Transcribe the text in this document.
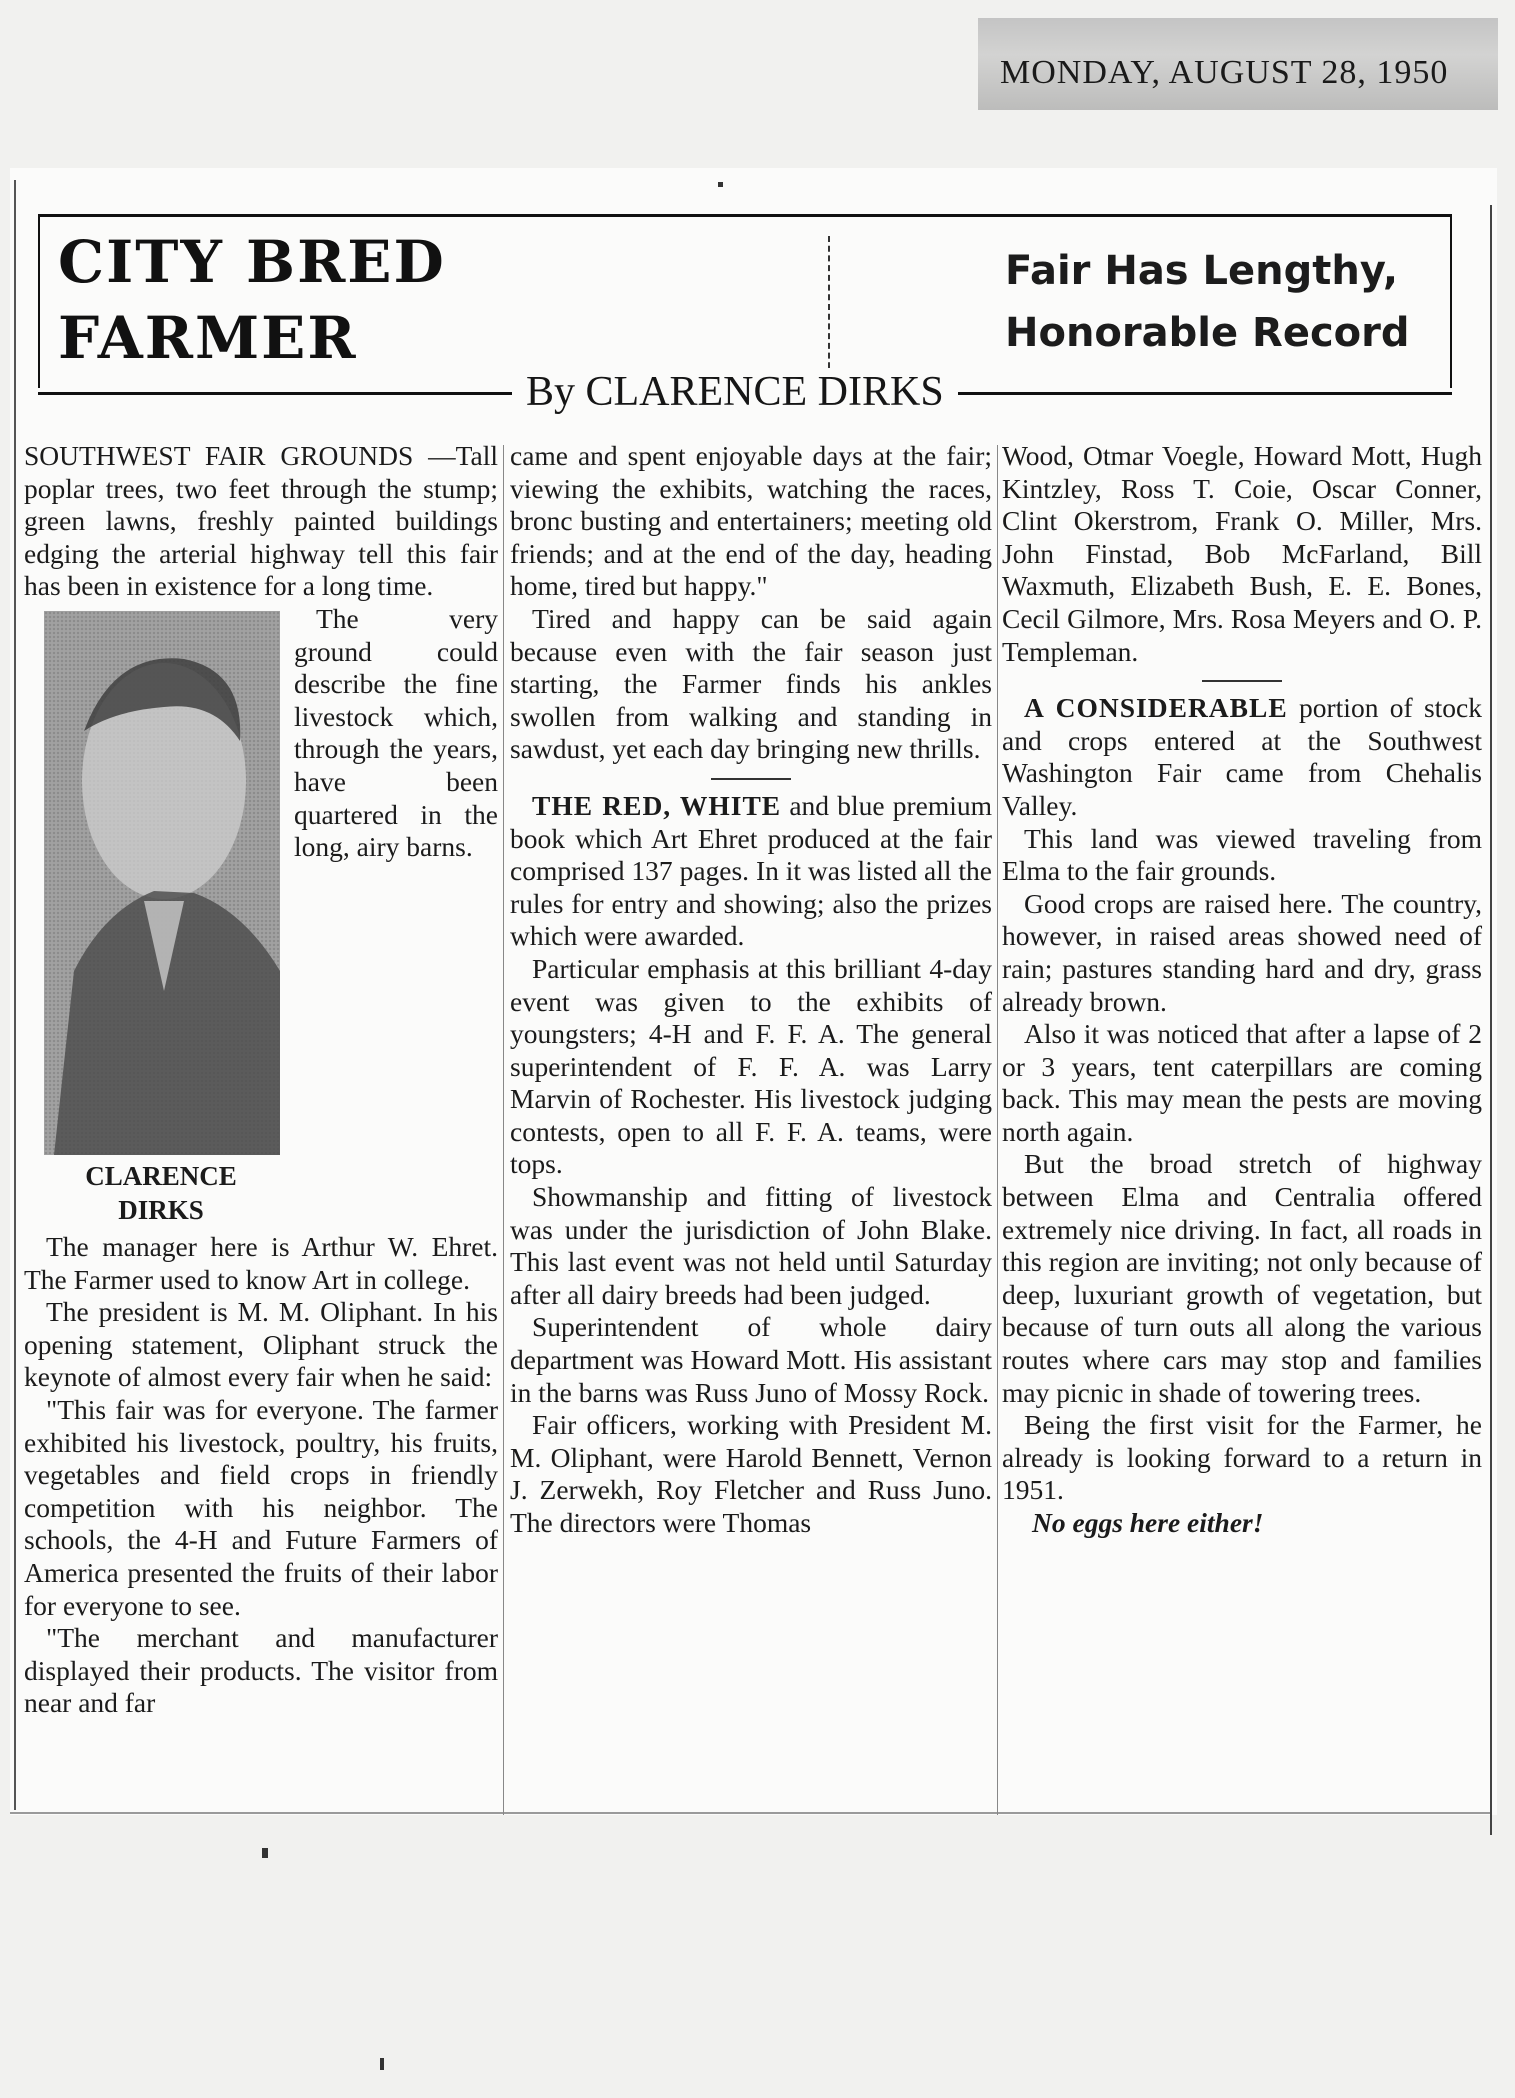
MONDAY, AUGUST 28, 1950
CITY BRED
FARMER
Fair Has Lengthy,
Honorable Record
By CLARENCE DIRKS

SOUTHWEST FAIR GROUNDS —Tall poplar trees, two feet through the stump; green lawns, freshly painted buildings edging the arterial highway tell this fair has been in existence for a long time.

CLARENCE
DIRKS

The very ground could describe the fine livestock which, through the years, have been quartered in the long, airy barns.

The manager here is Arthur W. Ehret. The Farmer used to know Art in college.

The president is M. M. Oliphant. In his opening statement, Oliphant struck the keynote of almost every fair when he said:

"This fair was for everyone. The farmer exhibited his livestock, poultry, his fruits, vegetables and field crops in friendly competition with his neighbor. The schools, the 4-H and Future Farmers of America presented the fruits of their labor for everyone to see.

"The merchant and manufacturer displayed their products. The visitor from near and far

came and spent enjoyable days at the fair; viewing the exhibits, watching the races, bronc busting and entertainers; meeting old friends; and at the end of the day, heading home, tired but happy."

Tired and happy can be said again because even with the fair season just starting, the Farmer finds his ankles swollen from walking and standing in sawdust, yet each day bringing new thrills.

THE RED, WHITE and blue premium book which Art Ehret produced at the fair comprised 137 pages. In it was listed all the rules for entry and showing; also the prizes which were awarded.

Particular emphasis at this brilliant 4-day event was given to the exhibits of youngsters; 4-H and F. F. A. The general superintendent of F. F. A. was Larry Marvin of Rochester. His livestock judging contests, open to all F. F. A. teams, were tops.

Showmanship and fitting of livestock was under the jurisdiction of John Blake. This last event was not held until Saturday after all dairy breeds had been judged.

Superintendent of whole dairy department was Howard Mott. His assistant in the barns was Russ Juno of Mossy Rock.

Fair officers, working with President M. M. Oliphant, were Harold Bennett, Vernon J. Zerwekh, Roy Fletcher and Russ Juno. The directors were Thomas

Wood, Otmar Voegle, Howard Mott, Hugh Kintzley, Ross T. Coie, Oscar Conner, Clint Okerstrom, Frank O. Miller, Mrs. John Finstad, Bob McFarland, Bill Waxmuth, Elizabeth Bush, E. E. Bones, Cecil Gilmore, Mrs. Rosa Meyers and O. P. Templeman.

A CONSIDERABLE portion of stock and crops entered at the Southwest Washington Fair came from Chehalis Valley.

This land was viewed traveling from Elma to the fair grounds.

Good crops are raised here. The country, however, in raised areas showed need of rain; pastures standing hard and dry, grass already brown.

Also it was noticed that after a lapse of 2 or 3 years, tent caterpillars are coming back. This may mean the pests are moving north again.

But the broad stretch of highway between Elma and Centralia offered extremely nice driving. In fact, all roads in this region are inviting; not only because of deep, luxuriant growth of vegetation, but because of turn outs all along the various routes where cars may stop and families may picnic in shade of towering trees.

Being the first visit for the Farmer, he already is looking forward to a return in 1951.

No eggs here either!
